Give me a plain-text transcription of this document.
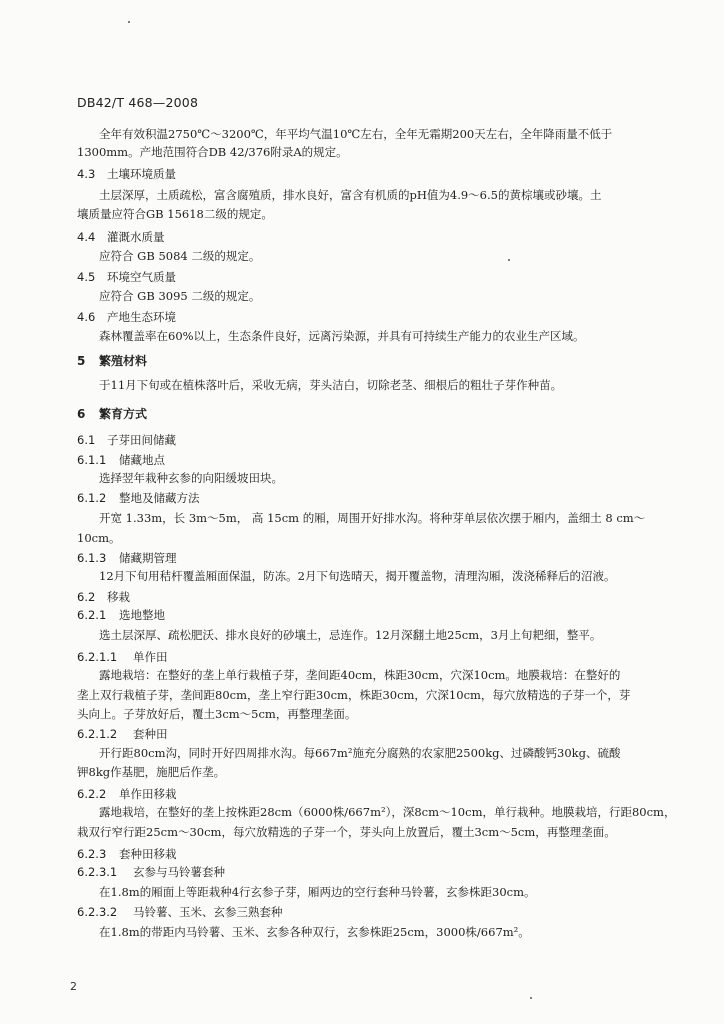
DB42/T 468—2008
全年有效积温2750℃～3200℃，年平均气温10℃左右，全年无霜期200天左右，全年降雨量不低于
1300mm。产地范围符合DB 42/376附录A的规定。
4.3 土壤环境质量
土层深厚，土质疏松，富含腐殖质，排水良好，富含有机质的pH值为4.9～6.5的黄棕壤或砂壤。土
壤质量应符合GB 15618二级的规定。
4.4 灌溉水质量
应符合 GB 5084 二级的规定。
4.5 环境空气质量
应符合 GB 3095 二级的规定。
4.6 产地生态环境
森林覆盖率在60%以上，生态条件良好，远离污染源，并具有可持续生产能力的农业生产区域。
5 繁殖材料
于11月下旬或在植株落叶后，采收无病，芽头洁白，切除老茎、细根后的粗壮子芽作种苗。
6 繁育方式
6.1 子芽田间储藏
6.1.1 储藏地点
选择翌年栽种玄参的向阳缓坡田块。
6.1.2 整地及储藏方法
开宽 1.33m，长 3m～5m， 高 15cm 的厢，周围开好排水沟。将种芽单层依次摆于厢内，盖细土 8 cm～
10cm。
6.1.3 储藏期管理
12月下旬用秸杆覆盖厢面保温，防冻。2月下旬选晴天，揭开覆盖物，清理沟厢，泼浇稀释后的沼液。
6.2 移栽
6.2.1 选地整地
选土层深厚、疏松肥沃、排水良好的砂壤土，忌连作。12月深翻土地25cm，3月上旬耙细，整平。
6.2.1.1 单作田
露地栽培：在整好的垄上单行栽植子芽，垄间距40cm，株距30cm，穴深10cm。地膜栽培：在整好的
垄上双行栽植子芽，垄间距80cm，垄上窄行距30cm，株距30cm，穴深10cm，每穴放精选的子芽一个，芽
头向上。子芽放好后，覆土3cm～5cm，再整理垄面。
6.2.1.2 套种田
开行距80cm沟，同时开好四周排水沟。每667m²施充分腐熟的农家肥2500kg、过磷酸钙30kg、硫酸
钾8kg作基肥，施肥后作垄。
6.2.2 单作田移栽
露地栽培，在整好的垄上按株距28cm（6000株/667m²），深8cm～10cm，单行栽种。地膜栽培，行距80cm，
栽双行窄行距25cm～30cm，每穴放精选的子芽一个，芽头向上放置后，覆土3cm～5cm，再整理垄面。
6.2.3 套种田移栽
6.2.3.1 玄参与马铃薯套种
在1.8m的厢面上等距栽种4行玄参子芽，厢两边的空行套种马铃薯，玄参株距30cm。
6.2.3.2 马铃薯、玉米、玄参三熟套种
在1.8m的带距内马铃薯、玉米、玄参各种双行，玄参株距25cm，3000株/667m²。
2
